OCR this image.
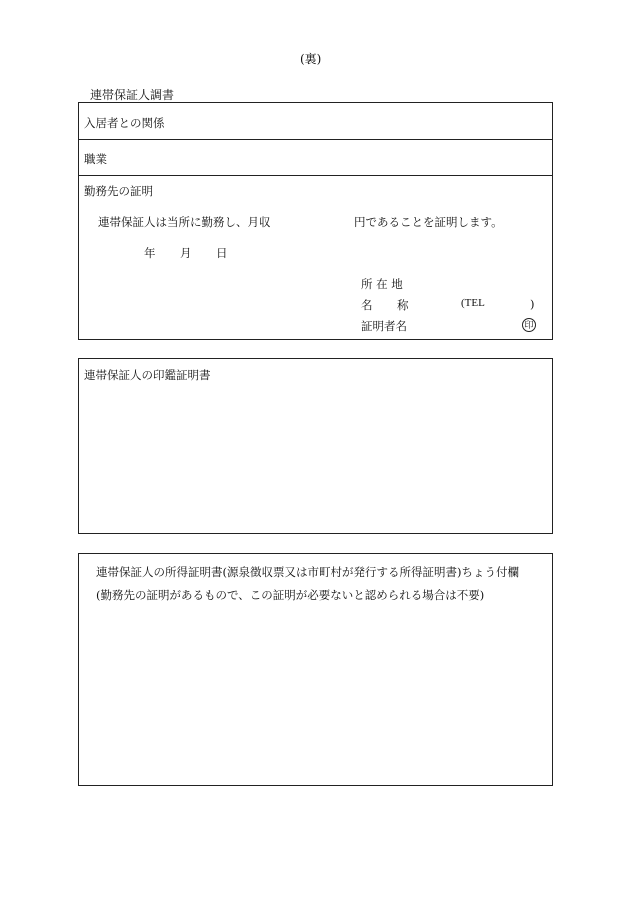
(裏)
連帯保証人調書
入居者との関係
職業
勤務先の証明
連帯保証人は当所に勤務し、月収	円であることを証明します。
年 月 日
所 在 地
名 称	(TEL	)
証明者名	印
連帯保証人の印鑑証明書
連帯保証人の所得証明書(源泉徴収票又は市町村が発行する所得証明書)ちょう付欄
(勤務先の証明があるもので、この証明が必要ないと認められる場合は不要)
